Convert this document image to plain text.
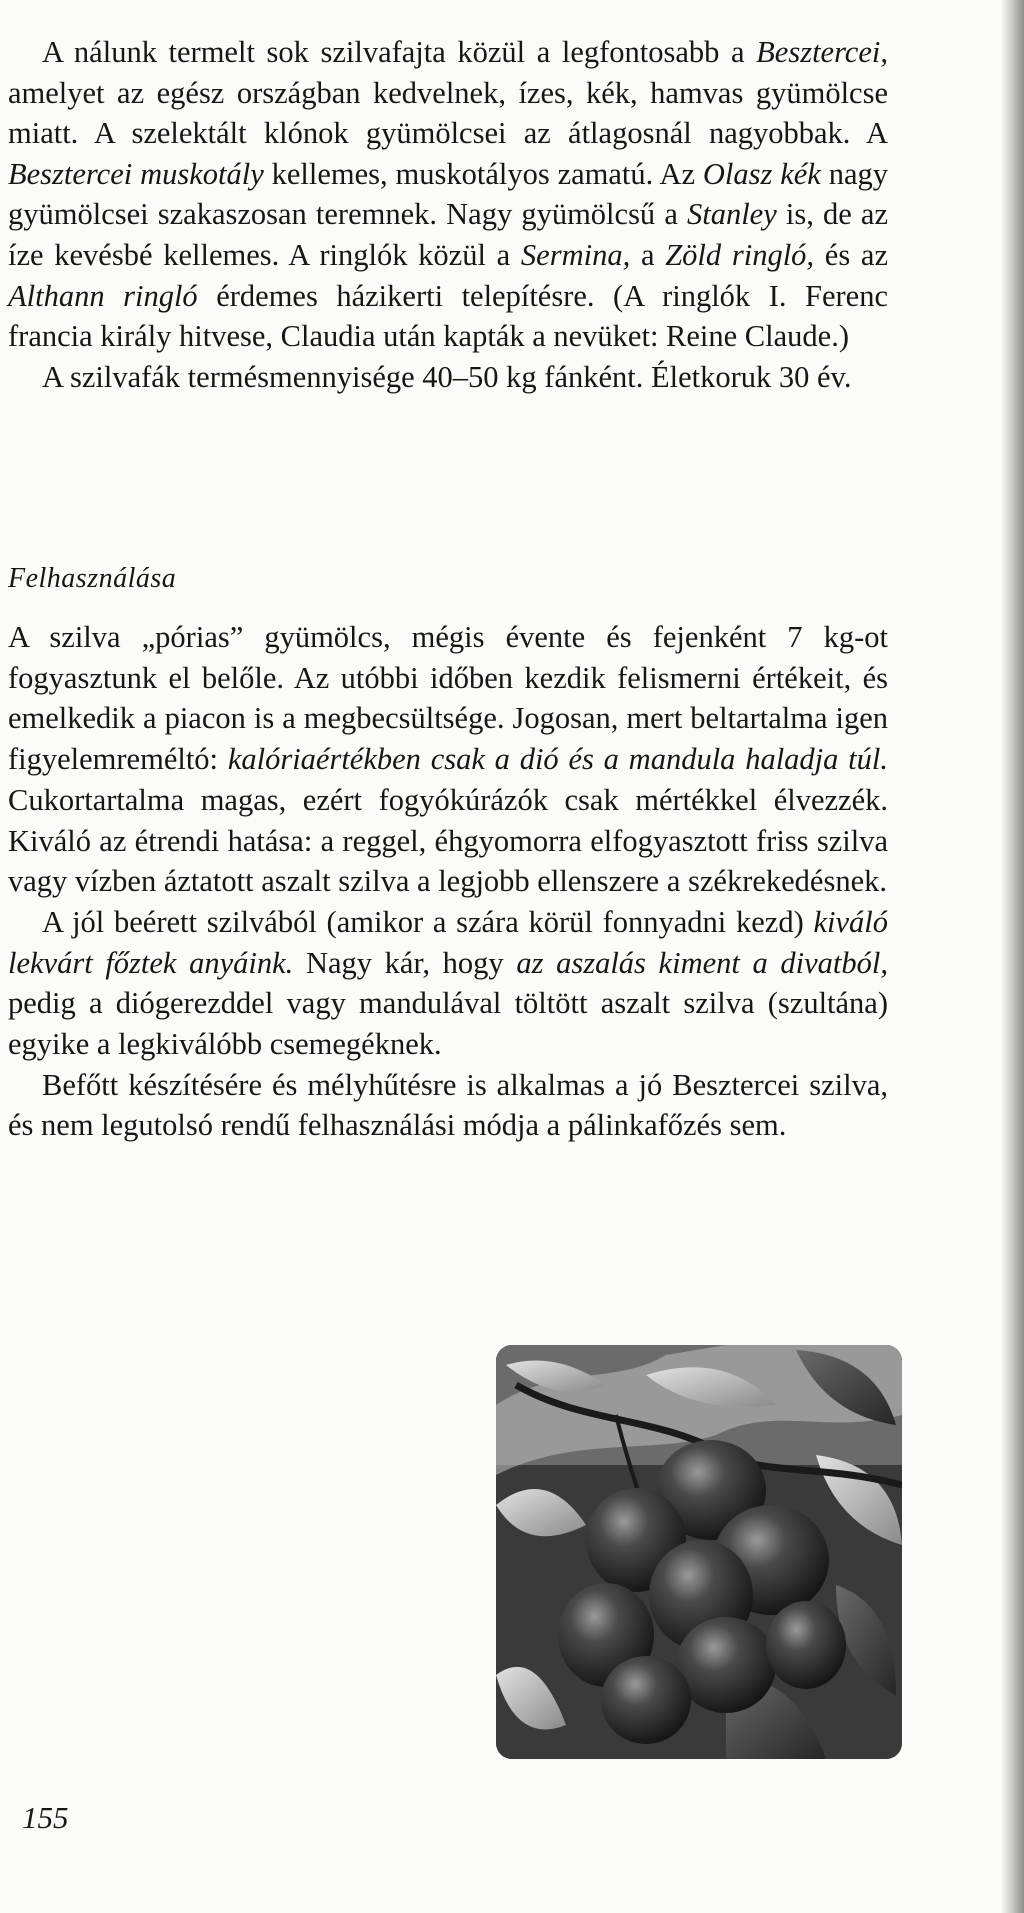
A nálunk termelt sok szilvafajta közül a legfontosabb a Besztercei, amelyet az egész országban kedvelnek, ízes, kék, hamvas gyümölcse miatt. A szelektált klónok gyümölcsei az átlagosnál nagyobbak. A Besztercei muskotály kellemes, muskotályos zamatú. Az Olasz kék nagy gyümölcsei szakaszosan teremnek. Nagy gyümölcsű a Stanley is, de az íze kevésbé kellemes. A ringlók közül a Sermina, a Zöld ringló, és az Althann ringló érdemes házikerti telepítésre. (A ringlók I. Ferenc francia király hitvese, Claudia után kapták a nevüket: Reine Claude.)

A szilvafák termésmennyisége 40–50 kg fánként. Életkoruk 30 év.

Felhasználása

A szilva „pórias” gyümölcs, mégis évente és fejenként 7 kg-ot fogyasztunk el belőle. Az utóbbi időben kezdik felismerni értékeit, és emelkedik a piacon is a megbecsültsége. Jogosan, mert beltartalma igen figyelemreméltó: kalóriaértékben csak a dió és a mandula haladja túl. Cukortartalma magas, ezért fogyókúrázók csak mértékkel élvezzék. Kiváló az étrendi hatása: a reggel, éhgyomorra elfogyasztott friss szilva vagy vízben áztatott aszalt szilva a legjobb ellenszere a székrekedésnek.

A jól beérett szilvából (amikor a szára körül fonnyadni kezd) kiváló lekvárt főztek anyáink. Nagy kár, hogy az aszalás kiment a divatból, pedig a diógerezddel vagy mandulával töltött aszalt szilva (szultána) egyike a legkiválóbb csemegéknek.

Befőtt készítésére és mélyhűtésre is alkalmas a jó Besztercei szilva, és nem legutolsó rendű felhasználási módja a pálinkafőzés sem.

155
